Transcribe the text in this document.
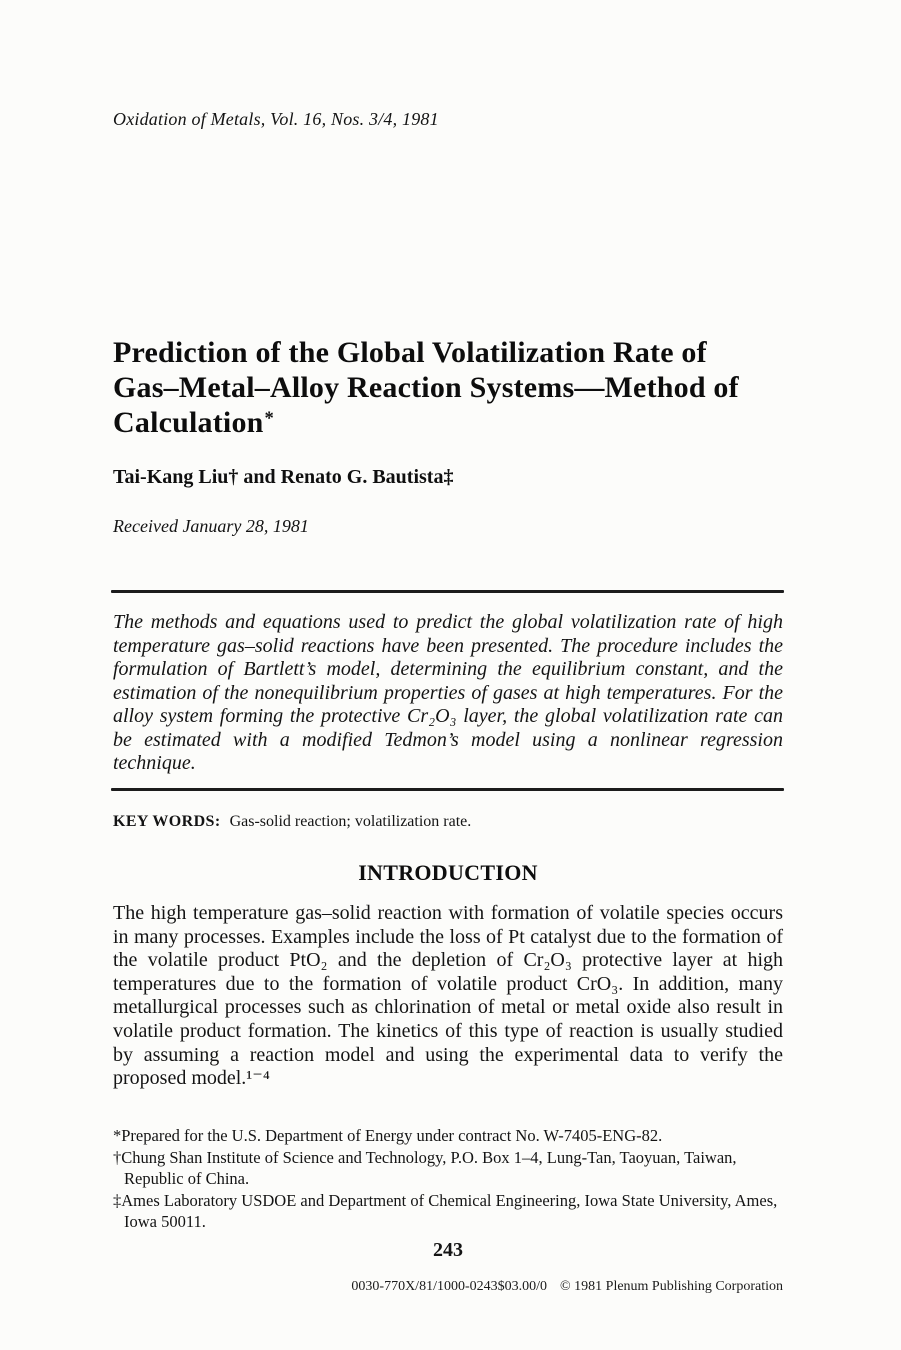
Oxidation of Metals, Vol. 16, Nos. 3/4, 1981
Prediction of the Global Volatilization Rate of
Gas–Metal–Alloy Reaction Systems—Method of
Calculation*
Tai-Kang Liu† and Renato G. Bautista‡
Received January 28, 1981
The methods and equations used to predict the global volatilization rate of high temperature gas–solid reactions have been presented. The procedure includes the formulation of Bartlett’s model, determining the equilibrium constant, and the estimation of the nonequilibrium properties of gases at high temperatures. For the alloy system forming the protective Cr₂O₃ layer, the global volatilization rate can be estimated with a modified Tedmon’s model using a nonlinear regression technique.
KEY WORDS: Gas-solid reaction; volatilization rate.
INTRODUCTION
The high temperature gas–solid reaction with formation of volatile species occurs in many processes. Examples include the loss of Pt catalyst due to the formation of the volatile product PtO₂ and the depletion of Cr₂O₃ protective layer at high temperatures due to the formation of volatile product CrO₃. In addition, many metallurgical processes such as chlorination of metal or metal oxide also result in volatile product formation. The kinetics of this type of reaction is usually studied by assuming a reaction model and using the experimental data to verify the proposed model.¹⁻⁴
*Prepared for the U.S. Department of Energy under contract No. W-7405-ENG-82.
†Chung Shan Institute of Science and Technology, P.O. Box 1–4, Lung-Tan, Taoyuan, Taiwan, Republic of China.
‡Ames Laboratory USDOE and Department of Chemical Engineering, Iowa State University, Ames, Iowa 50011.
243
0030-770X/81/1000-0243$03.00/0 © 1981 Plenum Publishing Corporation
